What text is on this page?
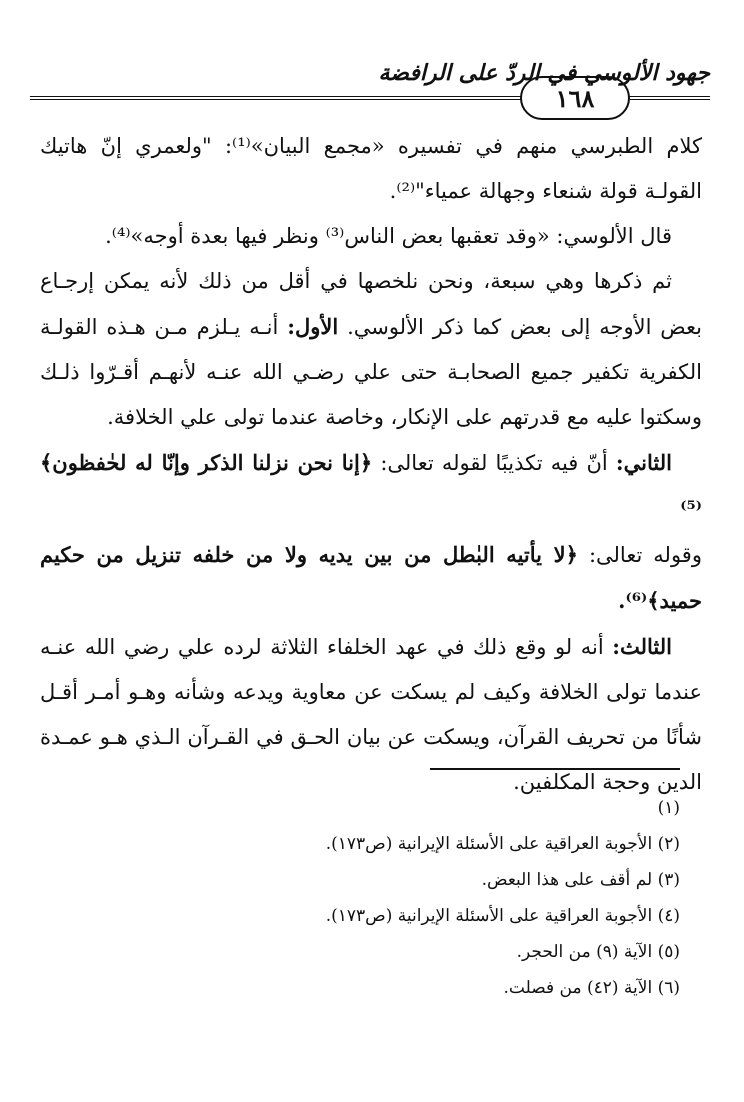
١٦٨
جهود الألوسي في الردّ على الرافضة

كلام الطبرسي منهم في تفسيره «مجمع البيان»⁽¹⁾: "ولعمري إنّ هاتيك القولـة قولة شنعاء وجهالة عمياء"⁽²⁾.

قال الألوسي: «وقد تعقبها بعض الناس⁽³⁾ ونظر فيها بعدة أوجه»⁽⁴⁾.

ثم ذكرها وهي سبعة، ونحن نلخصها في أقل من ذلك لأنه يمكن إرجـاع بعض الأوجه إلى بعض كما ذكر الألوسي. الأول: أنـه يـلزم مـن هـذه القولـة الكفرية تكفير جميع الصحابـة حتى علي رضـي الله عنـه لأنهـم أقـرّوا ذلـك وسكتوا عليه مع قدرتهم على الإنكار، وخاصة عندما تولى علي الخلافة.

الثاني: أنّ فيه تكذيبًا لقوله تعالى: ﴿إنا نحن نزلنا الذكر وإنّا له لحٰفظون﴾⁽⁵⁾

وقوله تعالى: ﴿لا يأتيه البٰطل من بين يديه ولا من خلفه تنزيل من حكيم حميد﴾⁽⁶⁾.

الثالث: أنه لو وقع ذلك في عهد الخلفاء الثلاثة لرده علي رضي الله عنـه عندما تولى الخلافة وكيف لم يسكت عن معاوية ويدعه وشأنه وهـو أمـر أقـل شأنًا من تحريف القرآن، ويسكت عن بيان الحـق في القـرآن الـذي هـو عمـدة الدين وحجة المكلفين.

(١)
(٢) الأجوبة العراقية على الأسئلة الإيرانية (ص١٧٣).
(٣) لم أقف على هذا البعض.
(٤) الأجوبة العراقية على الأسئلة الإيرانية (ص١٧٣).
(٥) الآية (٩) من الحجر.
(٦) الآية (٤٢) من فصلت.
